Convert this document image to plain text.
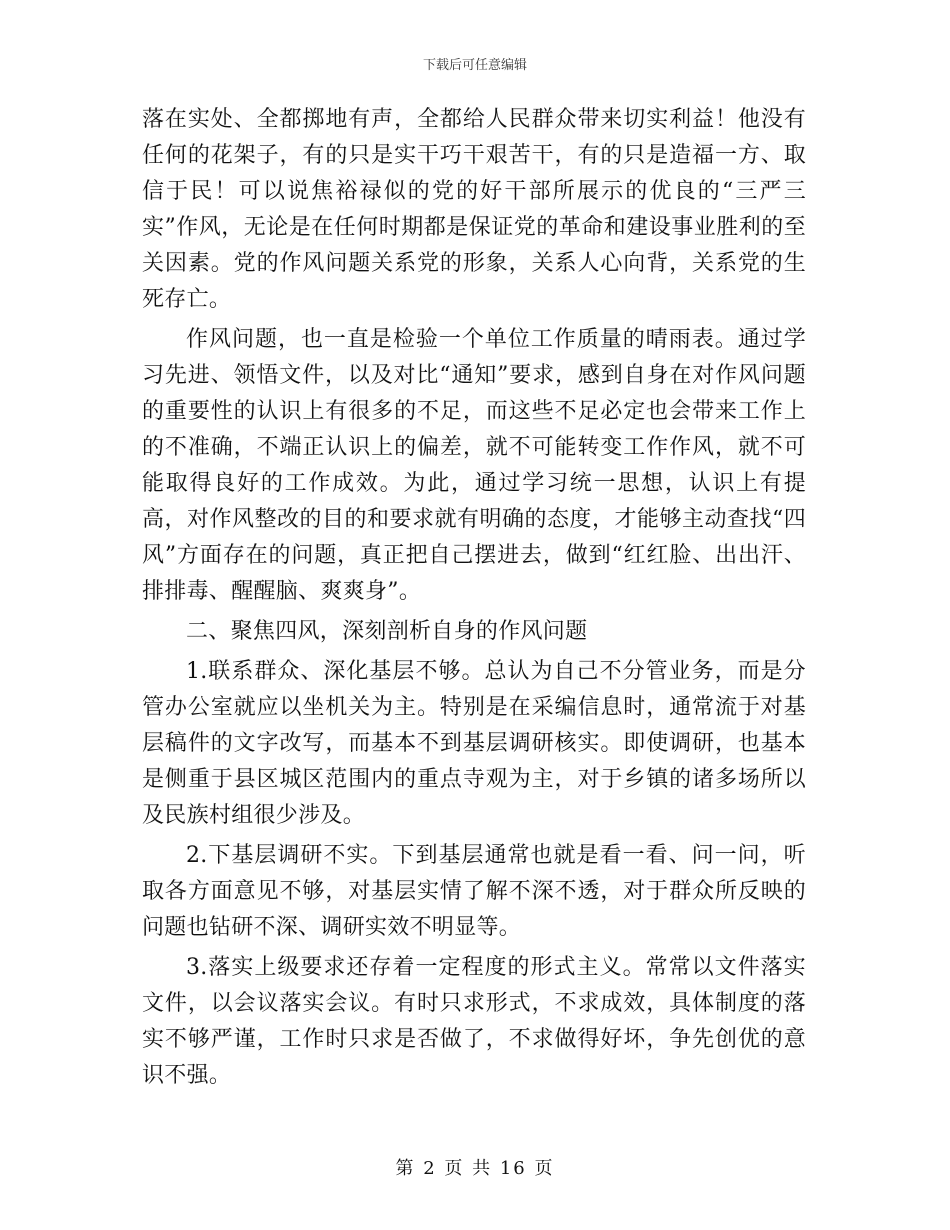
下载后可任意编辑

落在实处、全都掷地有声，全都给人民群众带来切实利益！他没有任何的花架子，有的只是实干巧干艰苦干，有的只是造福一方、取信于民！可以说焦裕禄似的党的好干部所展示的优良的“三严三实”作风，无论是在任何时期都是保证党的革命和建设事业胜利的至关因素。党的作风问题关系党的形象，关系人心向背，关系党的生死存亡。

作风问题，也一直是检验一个单位工作质量的晴雨表。通过学习先进、领悟文件，以及对比“通知”要求，感到自身在对作风问题的重要性的认识上有很多的不足，而这些不足必定也会带来工作上的不准确，不端正认识上的偏差，就不可能转变工作作风，就不可能取得良好的工作成效。为此，通过学习统一思想，认识上有提高，对作风整改的目的和要求就有明确的态度，才能够主动查找“四风”方面存在的问题，真正把自己摆进去，做到“红红脸、出出汗、排排毒、醒醒脑、爽爽身”。

二、聚焦四风，深刻剖析自身的作风问题

1.联系群众、深化基层不够。总认为自己不分管业务，而是分管办公室就应以坐机关为主。特别是在采编信息时，通常流于对基层稿件的文字改写，而基本不到基层调研核实。即使调研，也基本是侧重于县区城区范围内的重点寺观为主，对于乡镇的诸多场所以及民族村组很少涉及。

2.下基层调研不实。下到基层通常也就是看一看、问一问，听取各方面意见不够，对基层实情了解不深不透，对于群众所反映的问题也钻研不深、调研实效不明显等。

3.落实上级要求还存着一定程度的形式主义。常常以文件落实文件，以会议落实会议。有时只求形式，不求成效，具体制度的落实不够严谨，工作时只求是否做了，不求做得好坏，争先创优的意识不强。

第 2 页 共 16 页
